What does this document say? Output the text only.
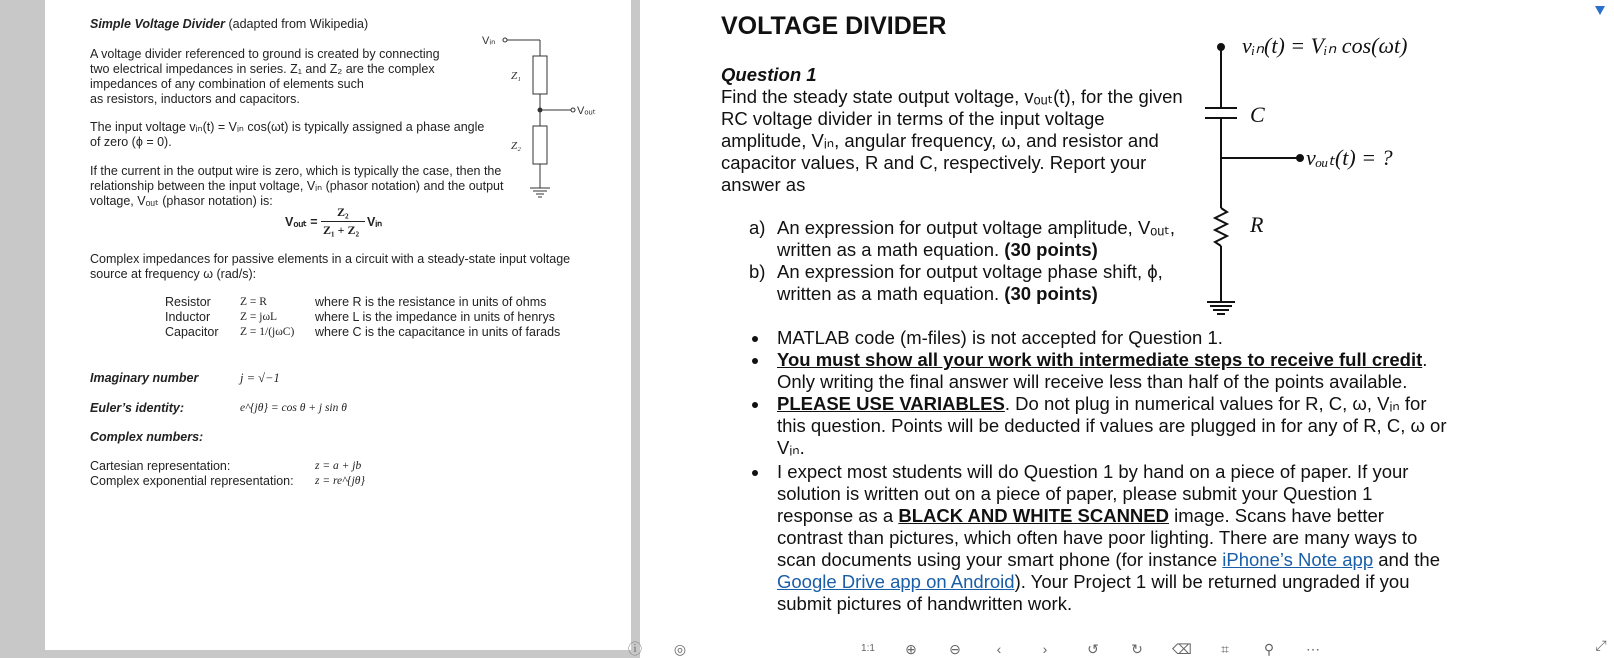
Simple Voltage Divider (adapted from Wikipedia)
A voltage divider referenced to ground is created by connecting
two electrical impedances in series. Z₁ and Z₂ are the complex
impedances of any combination of elements such
as resistors, inductors and capacitors.
The input voltage vᵢₙ(t) = Vᵢₙ cos(ωt) is typically assigned a phase angle
of zero (ϕ = 0).
If the current in the output wire is zero, which is typically the case, then the
relationship between the input voltage, Vᵢₙ (phasor notation) and the output
voltage, Vₒᵤₜ (phasor notation) is:
Vₒᵤₜ =
Z₂
Z₁ + Z₂
Vᵢₙ
Complex impedances for passive elements in a circuit with a steady-state input voltage
source at frequency ω (rad/s):
Resistor	Z = R	where R is the resistance in units of ohms
Inductor	Z = jωL	where L is the impedance in units of henrys
Capacitor Z = 1/(jωC) where C is the capacitance in units of farads
Imaginary number	j = √−1
Euler’s identity:	e^{jθ} = cos θ + j sin θ
Complex numbers:
Cartesian representation:	z = a + jb
Complex exponential representation: z = re^{jθ}
Vᵢₙ
Z₁
Z₂
Vₒᵤₜ
VOLTAGE DIVIDER
Question 1
Find the steady state output voltage, vₒᵤₜ(t), for the given
RC voltage divider in terms of the input voltage
amplitude, Vᵢₙ, angular frequency, ω, and resistor and
capacitor values, R and C, respectively. Report your
answer as
a) An expression for output voltage amplitude, Vₒᵤₜ,
written as a math equation. (30 points)
b) An expression for output voltage phase shift, ϕ,
written as a math equation. (30 points)
MATLAB code (m-files) is not accepted for Question 1.
You must show all your work with intermediate steps to receive full credit.
Only writing the final answer will receive less than half of the points available.
PLEASE USE VARIABLES. Do not plug in numerical values for R, C, ω, Vᵢₙ for
this question. Points will be deducted if values are plugged in for any of R, C, ω or
Vᵢₙ.
I expect most students will do Question 1 by hand on a piece of paper. If your
solution is written out on a piece of paper, please submit your Question 1
response as a BLACK AND WHITE SCANNED image. Scans have better
contrast than pictures, which often have poor lighting. There are many ways to
scan documents using your smart phone (for instance iPhone’s Note app and the
Google Drive app on Android). Your Project 1 will be returned ungraded if you
submit pictures of handwritten work.
vᵢₙ(t) = Vᵢₙ cos(ωt)
C
vₒᵤₜ(t) = ?
R
ⓘ ◎	1:1 ⊕ ⊖	‹	›	↺ ↻ ⌫	⌗	⚲ ⋯	⤢
